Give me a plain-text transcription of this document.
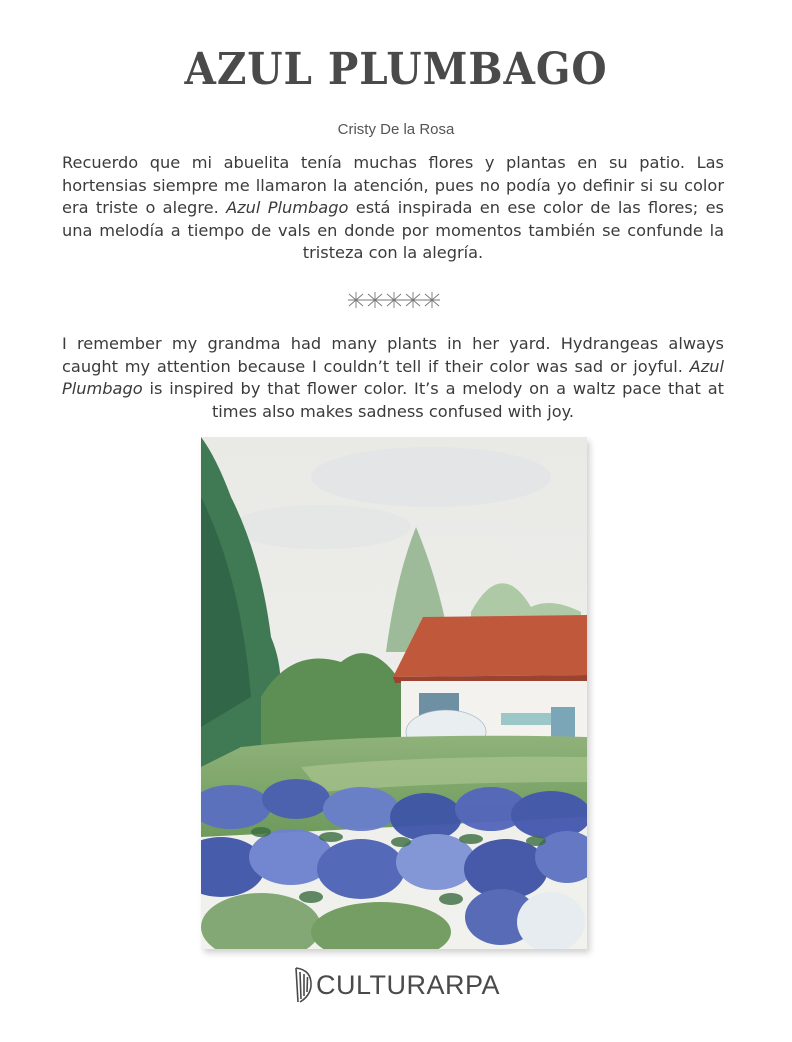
AZUL PLUMBAGO
Cristy De la Rosa

Recuerdo que mi abuelita tenía muchas flores y plantas en su patio. Las hortensias siempre me llamaron la atención, pues no podía yo definir si su color era triste o alegre. Azul Plumbago está inspirada en ese color de las flores; es una melodía a tiempo de vals en donde por momentos también se confunde la tristeza con la alegría.

I remember my grandma had many plants in her yard. Hydrangeas always caught my attention because I couldn’t tell if their color was sad or joyful. Azul Plumbago is inspired by that flower color. It’s a melody on a waltz pace that at times also makes sadness confused with joy.

CULTURARPA
